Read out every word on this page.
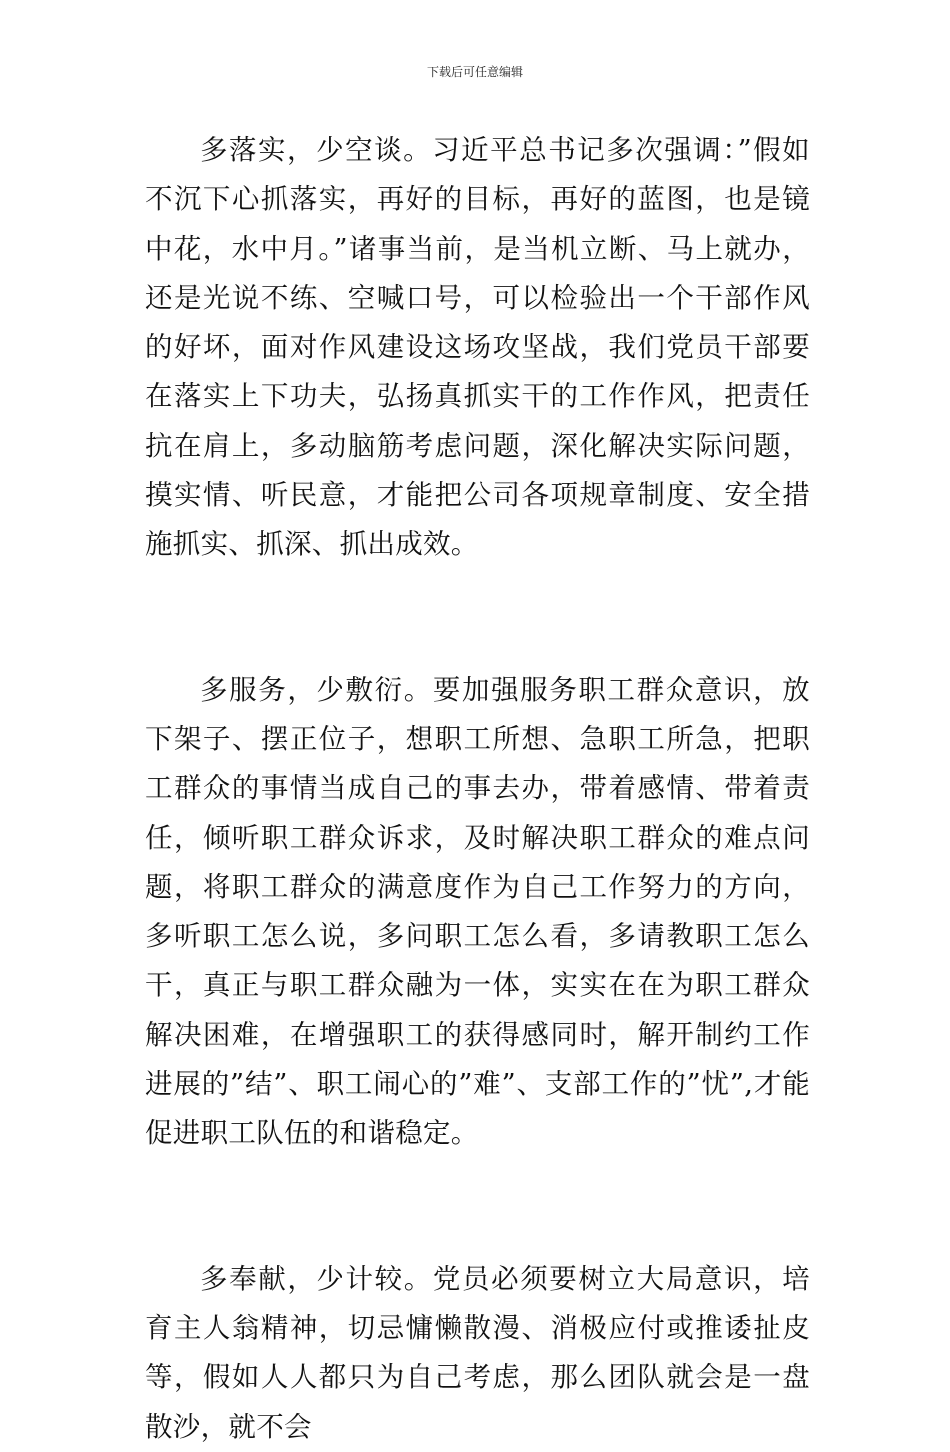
下载后可任意编辑

多落实，少空谈。习近平总书记多次强调：”假如不沉下心抓落实，再好的目标，再好的蓝图，也是镜中花，水中月。”诸事当前，是当机立断、马上就办，还是光说不练、空喊口号，可以检验出一个干部作风的好坏，面对作风建设这场攻坚战，我们党员干部要在落实上下功夫，弘扬真抓实干的工作作风，把责任抗在肩上，多动脑筋考虑问题，深化解决实际问题，摸实情、听民意，才能把公司各项规章制度、安全措施抓实、抓深、抓出成效。

多服务，少敷衍。要加强服务职工群众意识，放下架子、摆正位子，想职工所想、急职工所急，把职工群众的事情当成自己的事去办，带着感情、带着责任，倾听职工群众诉求，及时解决职工群众的难点问题，将职工群众的满意度作为自己工作努力的方向，多听职工怎么说，多问职工怎么看，多请教职工怎么干，真正与职工群众融为一体，实实在在为职工群众解决困难，在增强职工的获得感同时，解开制约工作进展的”结”、职工闹心的”难”、支部工作的”忧”,才能促进职工队伍的和谐稳定。

多奉献，少计较。党员必须要树立大局意识，培育主人翁精神，切忌慵懒散漫、消极应付或推诿扯皮等，假如人人都只为自己考虑，那么团队就会是一盘散沙，就不会
